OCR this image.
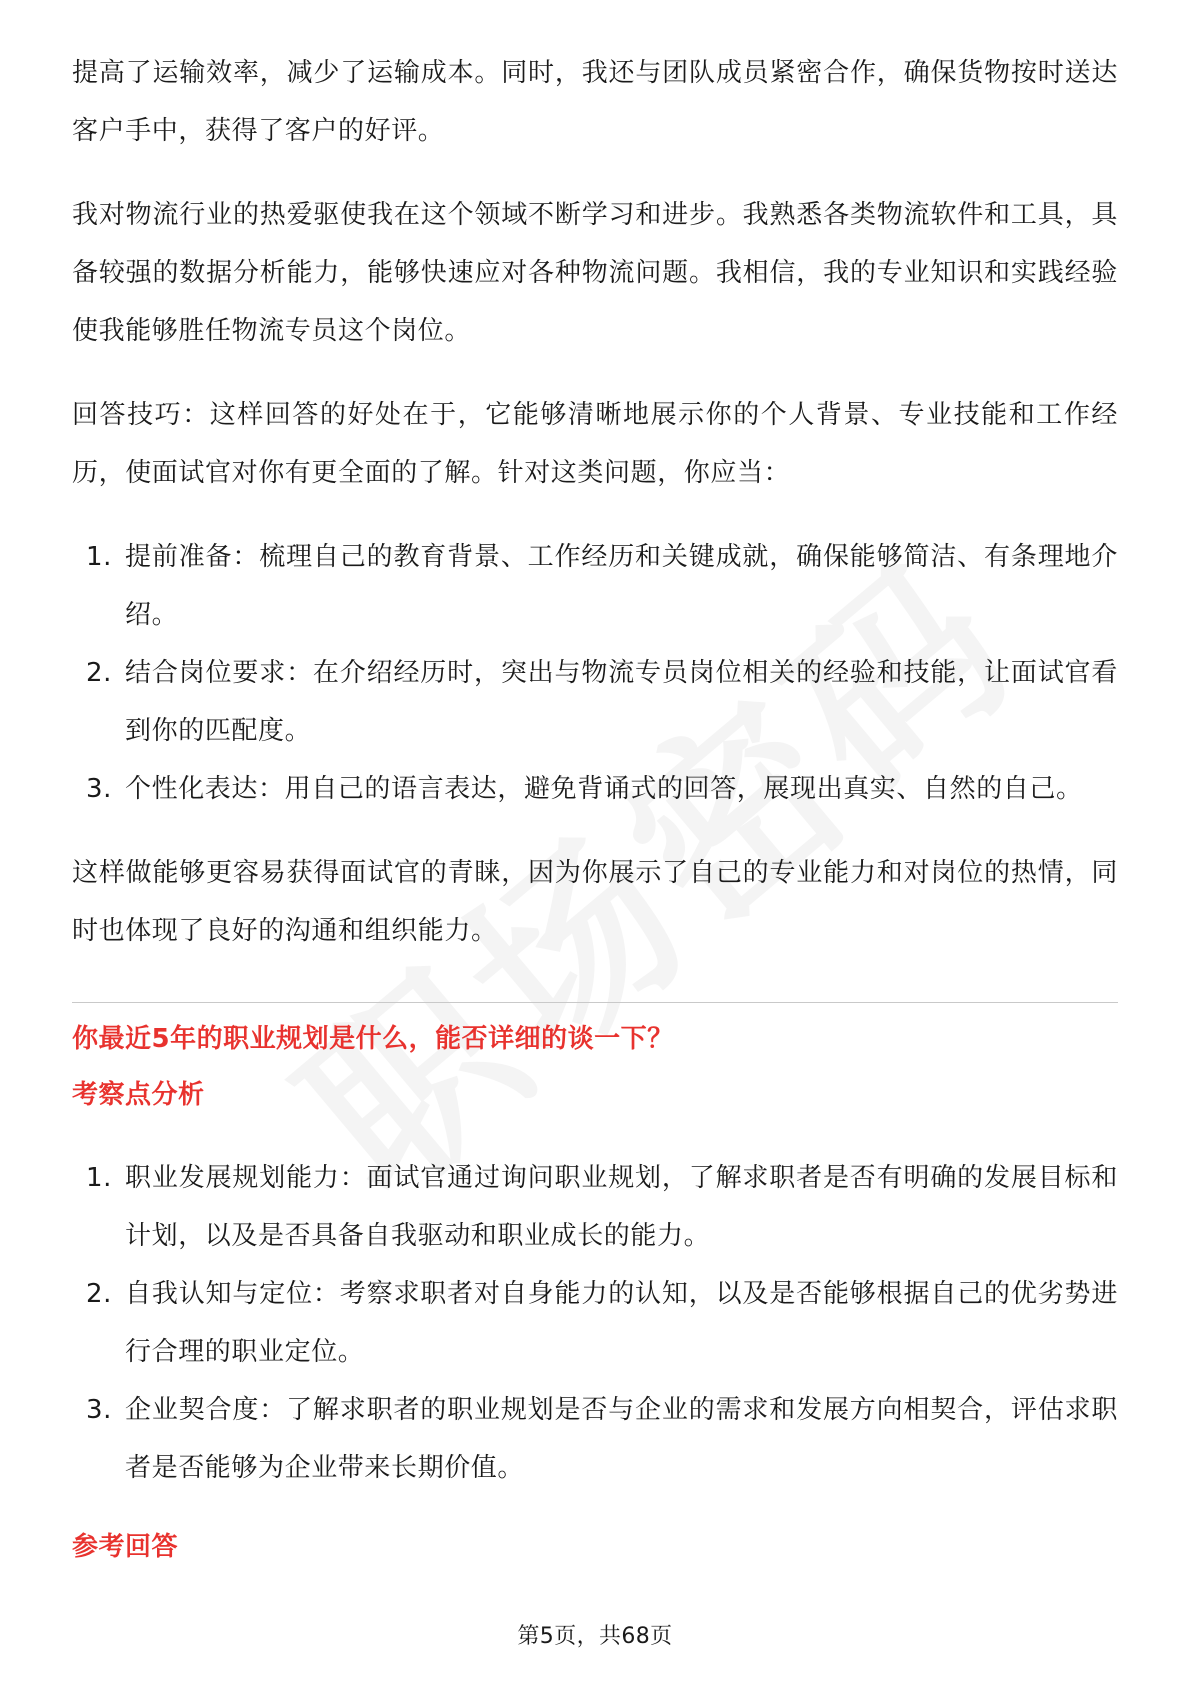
提高了运输效率，减少了运输成本。同时，我还与团队成员紧密合作，确保货物按时送达客户手中，获得了客户的好评。

我对物流行业的热爱驱使我在这个领域不断学习和进步。我熟悉各类物流软件和工具，具备较强的数据分析能力，能够快速应对各种物流问题。我相信，我的专业知识和实践经验使我能够胜任物流专员这个岗位。

回答技巧：这样回答的好处在于，它能够清晰地展示你的个人背景、专业技能和工作经历，使面试官对你有更全面的了解。针对这类问题，你应当：

1. 提前准备：梳理自己的教育背景、工作经历和关键成就，确保能够简洁、有条理地介绍。
2. 结合岗位要求：在介绍经历时，突出与物流专员岗位相关的经验和技能，让面试官看到你的匹配度。
3. 个性化表达：用自己的语言表达，避免背诵式的回答，展现出真实、自然的自己。

这样做能够更容易获得面试官的青睐，因为你展示了自己的专业能力和对岗位的热情，同时也体现了良好的沟通和组织能力。

你最近5年的职业规划是什么，能否详细的谈一下？
考察点分析
1. 职业发展规划能力：面试官通过询问职业规划，了解求职者是否有明确的发展目标和计划，以及是否具备自我驱动和职业成长的能力。
2. 自我认知与定位：考察求职者对自身能力的认知，以及是否能够根据自己的优劣势进行合理的职业定位。
3. 企业契合度：了解求职者的职业规划是否与企业的需求和发展方向相契合，评估求职者是否能够为企业带来长期价值。
参考回答
第5页，共68页
